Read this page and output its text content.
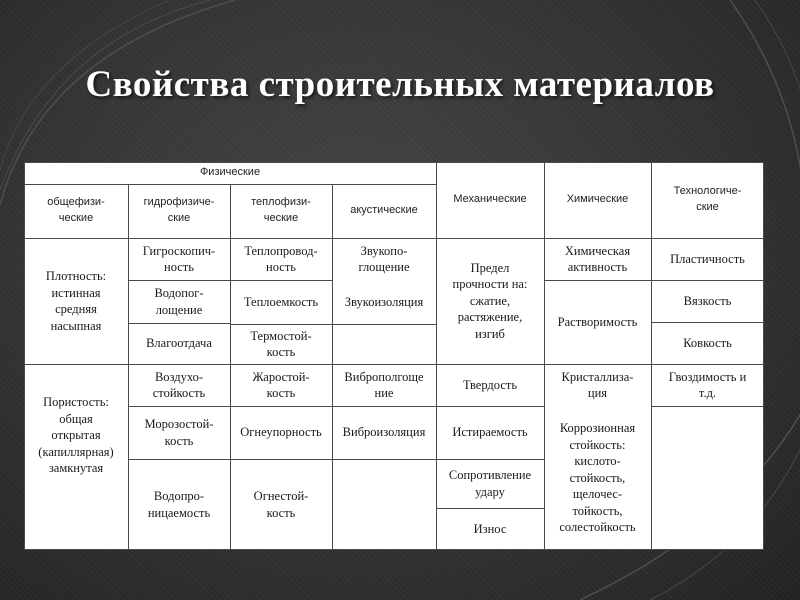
Свойства строительных материалов
Физические
общефизи-
ческие
гидрофизиче-
ские
теплофизи-
ческие
акустические
Механические	Химические
Технологиче-
ские
Плотность:
истинная
средняя
насыпная
Пористость:
общая
открытая
(капиллярная)
замкнутая
Гигроскопич-
ность
Водопог-
лощение
Влагоотдача
Воздухо-
стойкость
Морозостой-
кость
Водопро-
ницаемость
Теплопровод-
ность
Теплоемкость
Термостой-
кость
Жаростой-
кость
Огнеупорность
Огнестой-
кость
Звукопо-
глощение
Звукоизоляция
Виброполгоще
ние
Виброизоляция
Предел
прочности на:
сжатие,
растяжение,
изгиб
Твердость
Истираемость
Сопротивление
удару
Износ
Химическая
активность
Растворимость
Кристаллиза-
ция
Коррозионная
стойкость:
кислото-
стойкость,
щелочес-
тойкость,
солестойкость
Пластичность
Вязкость
Ковкость
Гвоздимость и
т.д.
